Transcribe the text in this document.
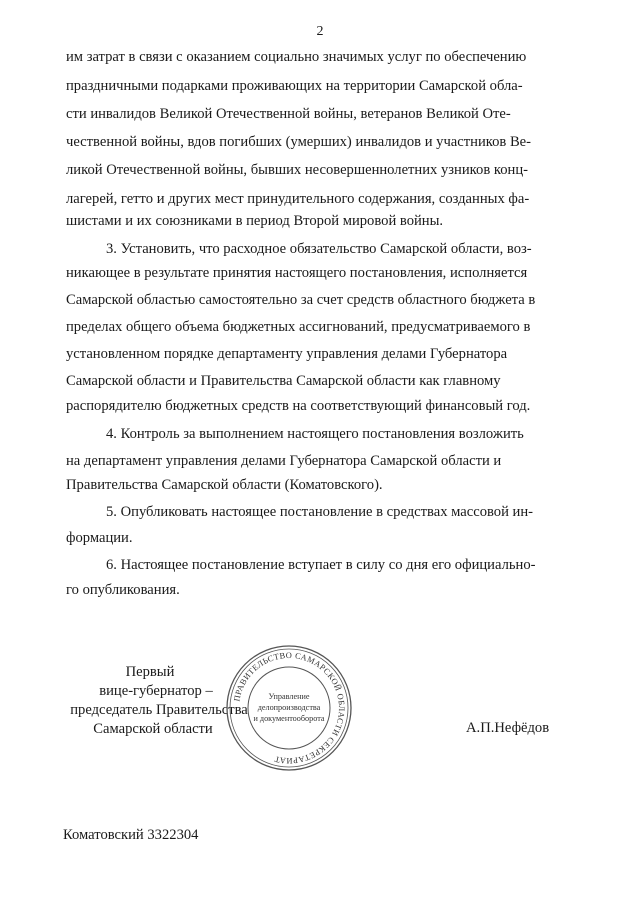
2
им затрат в связи с оказанием социально значимых услуг по обеспечению
праздничными подарками проживающих на территории Самарской обла-
сти инвалидов Великой Отечественной войны, ветеранов Великой Оте-
чественной войны, вдов погибших (умерших) инвалидов и участников Ве-
ликой Отечественной войны, бывших несовершеннолетних узников конц-
лагерей, гетто и других мест принудительного содержания, созданных фа-
шистами и их союзниками в период Второй мировой войны.
3. Установить, что расходное обязательство Самарской области, воз-
никающее в результате принятия настоящего постановления, исполняется
Самарской областью самостоятельно за счет средств областного бюджета в
пределах общего объема бюджетных ассигнований, предусматриваемого в
установленном порядке департаменту управления делами Губернатора
Самарской области и Правительства Самарской области как главному
распорядителю бюджетных средств на соответствующий финансовый год.
4. Контроль за выполнением настоящего постановления возложить
на департамент управления делами Губернатора Самарской области и
Правительства Самарской области (Коматовского).
5. Опубликовать настоящее постановление в средствах массовой ин-
формации.
6. Настоящее постановление вступает в силу со дня его официально-
го опубликования.
Первый
вице-губернатор –
председатель Правительства
Самарской области
ПРАВИТЕЛЬСТВО САМАРСКОЙ ОБЛАСТИ СЕКРЕТАРИАТ
Управление
делопроизводства
и документооборота
А.П.Нефёдов
Коматовский 3322304
